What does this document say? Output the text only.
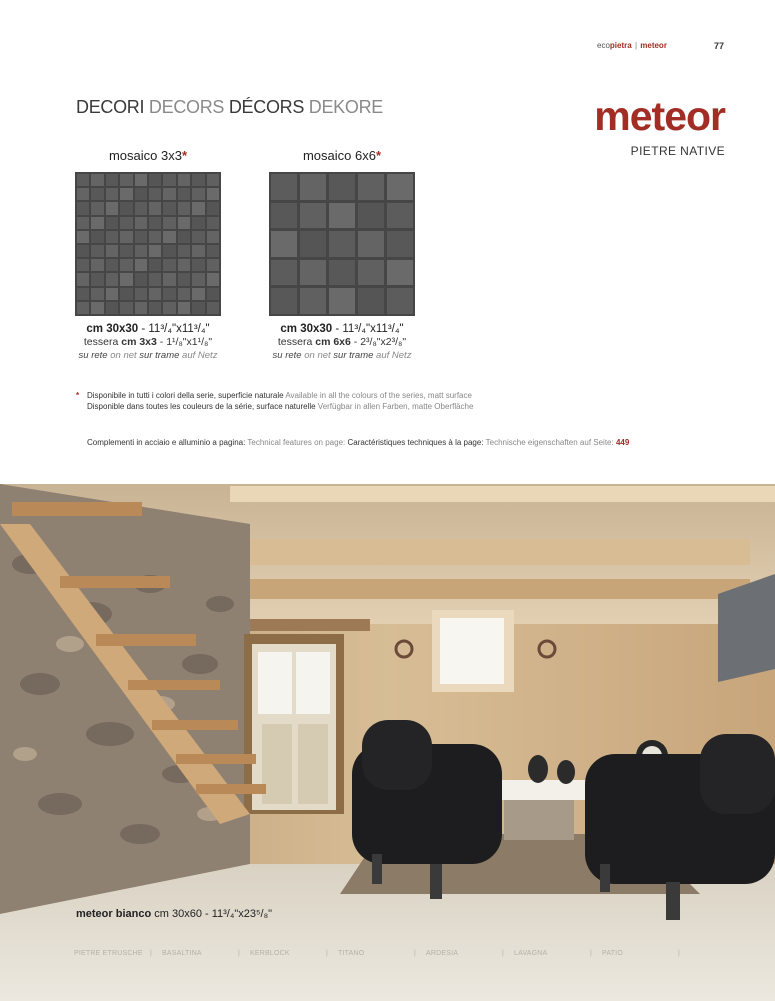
ecopietra | meteor	77
DECORI DECORS DÉCORS DEKORE	meteor
PIETRE NATIVE
mosaico 3x3*
cm 30x30 - 11³/₄"x11³/₄"
tessera cm 3x3 - 1¹/₈"x1¹/₈"
su rete on net sur trame auf Netz
mosaico 6x6*
cm 30x30 - 11³/₄"x11³/₄"
tessera cm 6x6 - 2³/₈"x2³/₈"
su rete on net sur trame auf Netz
* Disponibile in tutti i colori della serie, superficie naturale Available in all the colours of the series, matt surface
Disponible dans toutes les couleurs de la série, surface naturelle Verfügbar in allen Farben, matte Oberfläche
Complementi in acciaio e alluminio a pagina: Technical features on page: Caractéristiques techniques à la page: Technische eigenschaften auf Seite: 449
meteor bianco cm 30x60 - 11³/₄"x23⁵/₈"
PIETRE ETRUSCHE | BASALTINA	| KERBLOCK	| TITANO	| ARDESIA	| LAVAGNA	| PATIO	|
